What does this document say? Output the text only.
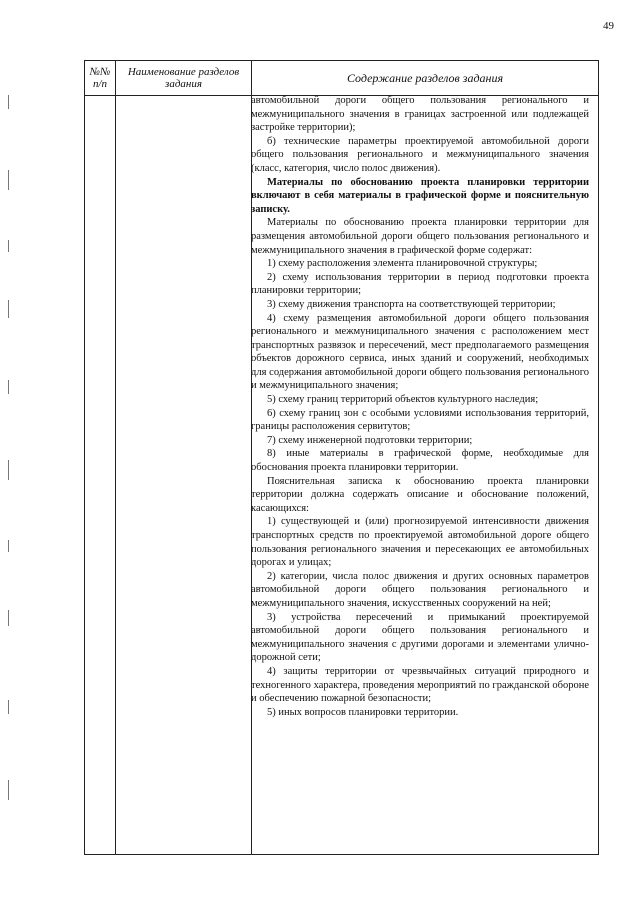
49
№№ п/п
Наименование разделов задания	Содержание разделов задания

автомобильной дороги общего пользования регионального и межмуниципального значения в границах застроенной или подлежащей застройке территории);

б) технические параметры проектируемой автомобильной дороги общего пользования регионального и межмуниципального значения (класс, категория, число полос движения).

Материалы по обоснованию проекта планировки территории включают в себя материалы в графической форме и пояснительную записку.

Материалы по обоснованию проекта планировки территории для размещения автомобильной дороги общего пользования регионального и межмуниципального значения в графической форме содержат:

1) схему расположения элемента планировочной структуры;

2) схему использования территории в период подготовки проекта планировки территории;

3) схему движения транспорта на соответствующей территории;

4) схему размещения автомобильной дороги общего пользования регионального и межмуниципального значения с расположением мест транспортных развязок и пересечений, мест предполагаемого размещения объектов дорожного сервиса, иных зданий и сооружений, необходимых для содержания автомобильной дороги общего пользования регионального и межмуниципального значения;

5) схему границ территорий объектов культурного наследия;

6) схему границ зон с особыми условиями использования территорий, границы расположения сервитутов;

7) схему инженерной подготовки территории;

8) иные материалы в графической форме, необходимые для обоснования проекта планировки территории.

Пояснительная записка к обоснованию проекта планировки территории должна содержать описание и обоснование положений, касающихся:

1) существующей и (или) прогнозируемой интенсивности движения транспортных средств по проектируемой автомобильной дороге общего пользования регионального значения и пересекающих ее автомобильных дорогах и улицах;

2) категории, числа полос движения и других основных параметров автомобильной дороги общего пользования регионального и межмуниципального значения, искусственных сооружений на ней;

3) устройства пересечений и примыканий проектируемой автомобильной дороги общего пользования регионального и межмуниципального значения с другими дорогами и элементами улично-дорожной сети;

4) защиты территории от чрезвычайных ситуаций природного и техногенного характера, проведения мероприятий по гражданской обороне и обеспечению пожарной безопасности;

5) иных вопросов планировки территории.
